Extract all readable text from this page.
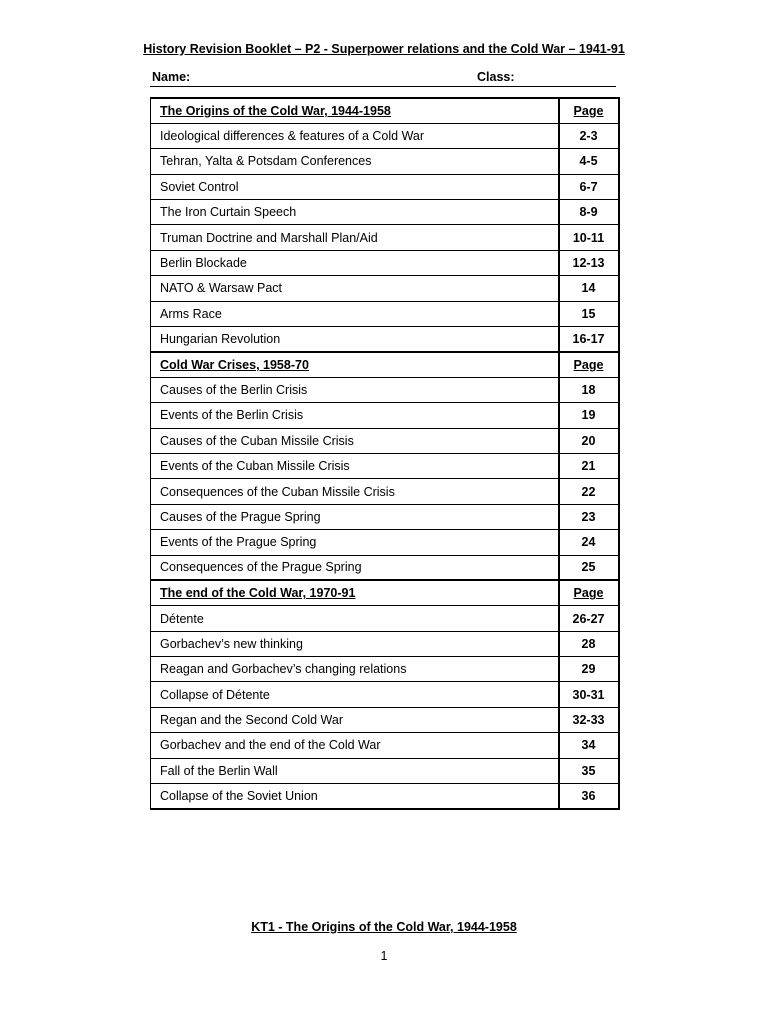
History Revision Booklet – P2 - Superpower relations and the Cold War – 1941-91
Name:	Class:
The Origins of the Cold War, 1944-1958	Page
Ideological differences & features of a Cold War	2-3
Tehran, Yalta & Potsdam Conferences	4-5
Soviet Control	6-7
The Iron Curtain Speech	8-9
Truman Doctrine and Marshall Plan/Aid	10-11
Berlin Blockade	12-13
NATO & Warsaw Pact	14
Arms Race	15
Hungarian Revolution	16-17
Cold War Crises, 1958-70	Page
Causes of the Berlin Crisis	18
Events of the Berlin Crisis	19
Causes of the Cuban Missile Crisis	20
Events of the Cuban Missile Crisis	21
Consequences of the Cuban Missile Crisis	22
Causes of the Prague Spring	23
Events of the Prague Spring	24
Consequences of the Prague Spring	25
The end of the Cold War, 1970-91	Page
Détente	26-27
Gorbachev’s new thinking	28
Reagan and Gorbachev’s changing relations	29
Collapse of Détente	30-31
Regan and the Second Cold War	32-33
Gorbachev and the end of the Cold War	34
Fall of the Berlin Wall	35
Collapse of the Soviet Union	36
KT1 - The Origins of the Cold War, 1944-1958
1
